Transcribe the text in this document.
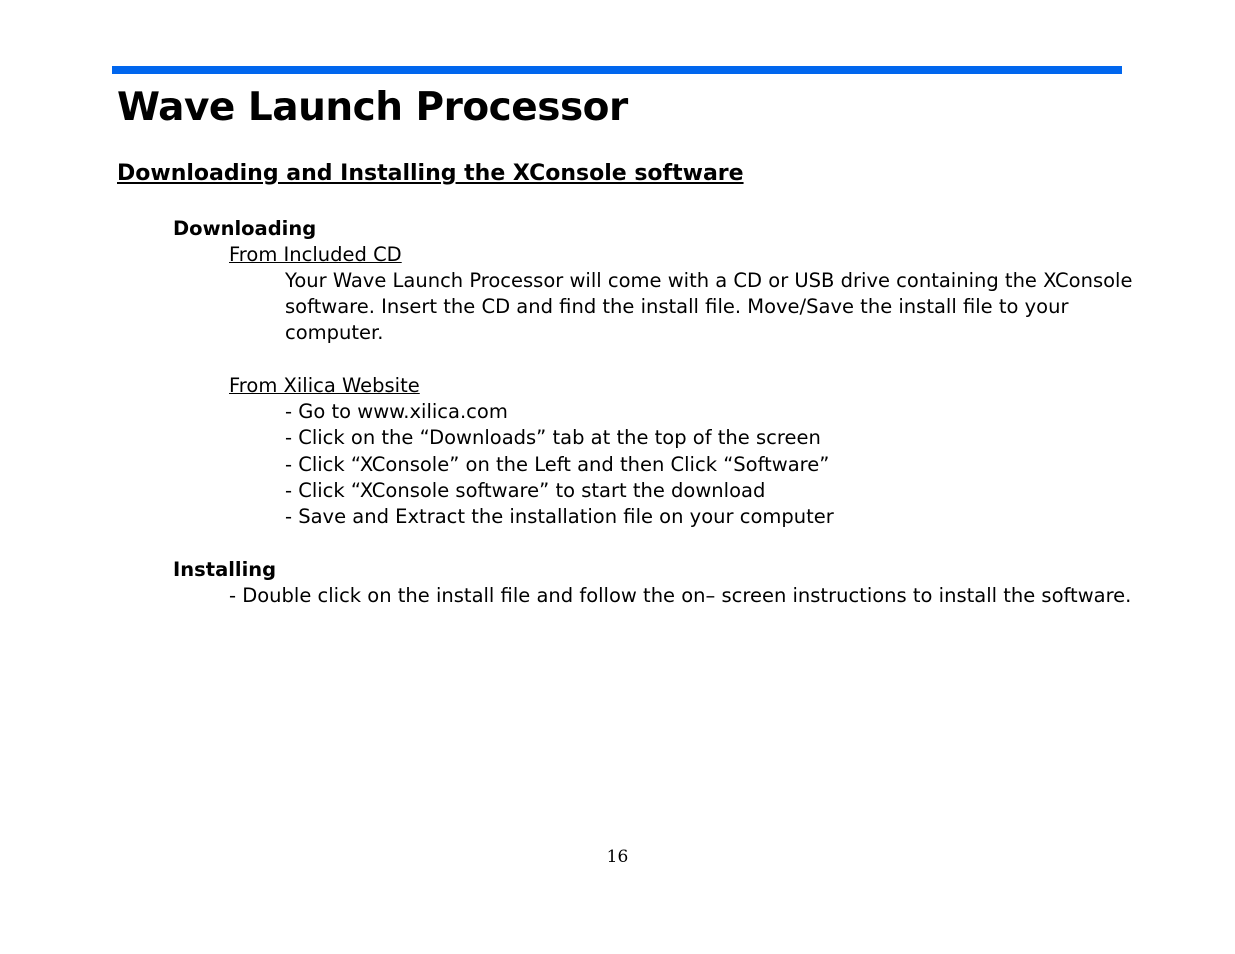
Wave Launch Processor
Downloading and Installing the XConsole software
Downloading
From Included CD
Your Wave Launch Processor will come with a CD or USB drive containing the XConsole
software. Insert the CD and find the install file. Move/Save the install file to your
computer.
From Xilica Website
- Go to www.xilica.com
- Click on the “Downloads” tab at the top of the screen
- Click “XConsole” on the Left and then Click “Software”
- Click “XConsole software” to start the download
- Save and Extract the installation file on your computer
Installing
- Double click on the install file and follow the on– screen instructions to install the software.
16
